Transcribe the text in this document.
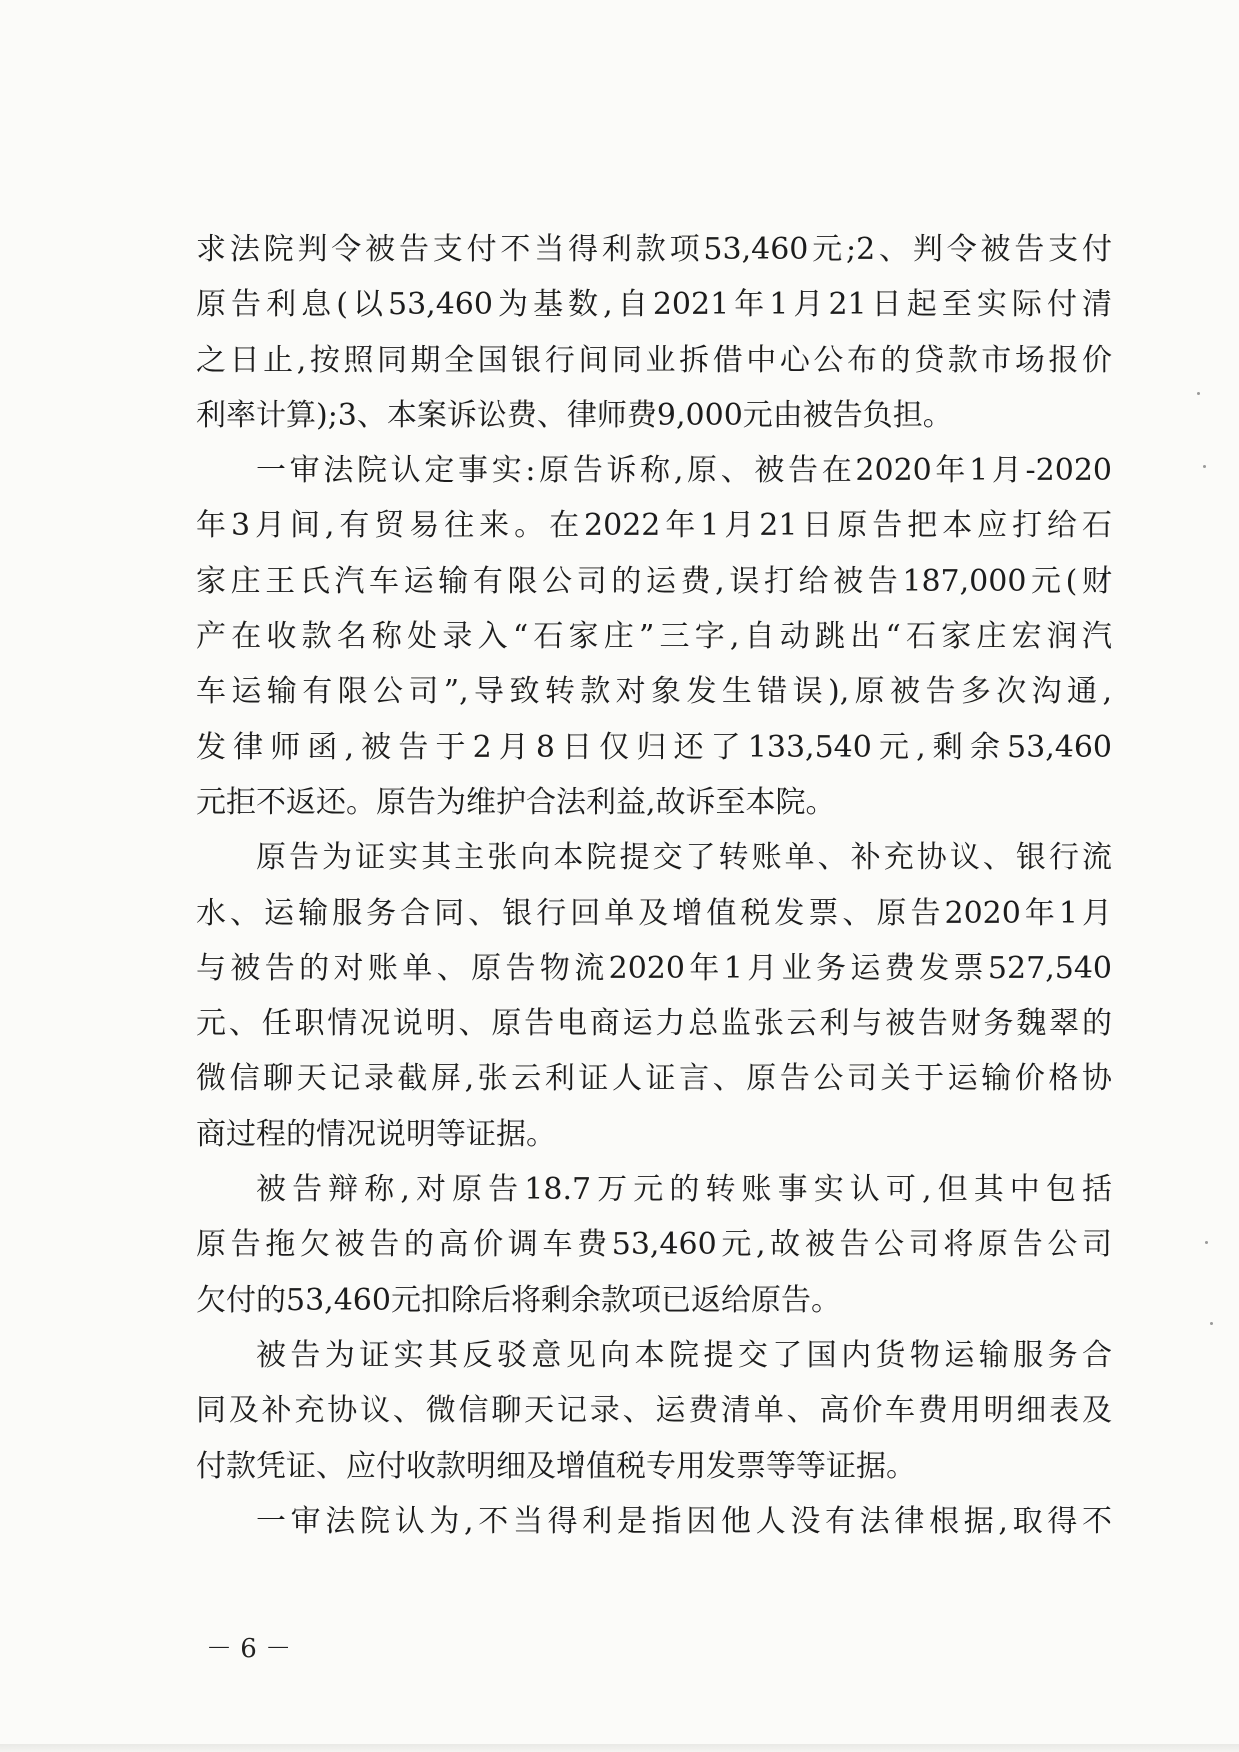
求法院判令被告支付不当得利款项53,460元;2、判令被告支付
原告利息(以53,460为基数,自2021年1月21日起至实际付清
之日止,按照同期全国银行间同业拆借中心公布的贷款市场报价
利率计算);3、本案诉讼费、律师费9,000元由被告负担。
一审法院认定事实:原告诉称,原、被告在2020年1月-2020
年3月间,有贸易往来。在2022年1月21日原告把本应打给石
家庄王氏汽车运输有限公司的运费,误打给被告187,000元(财
产在收款名称处录入“石家庄”三字,自动跳出“石家庄宏润汽
车运输有限公司”,导致转款对象发生错误),原被告多次沟通,
发律师函,被告于2月8日仅归还了133,540元,剩余53,460
元拒不返还。原告为维护合法利益,故诉至本院。
原告为证实其主张向本院提交了转账单、补充协议、银行流
水、运输服务合同、银行回单及增值税发票、原告2020年1月
与被告的对账单、原告物流2020年1月业务运费发票527,540
元、任职情况说明、原告电商运力总监张云利与被告财务魏翠的
微信聊天记录截屏,张云利证人证言、原告公司关于运输价格协
商过程的情况说明等证据。
被告辩称,对原告18.7万元的转账事实认可,但其中包括
原告拖欠被告的高价调车费53,460元,故被告公司将原告公司
欠付的53,460元扣除后将剩余款项已返给原告。
被告为证实其反驳意见向本院提交了国内货物运输服务合
同及补充协议、微信聊天记录、运费清单、高价车费用明细表及
付款凭证、应付收款明细及增值税专用发票等等证据。
一审法院认为,不当得利是指因他人没有法律根据,取得不
－ 6 －
